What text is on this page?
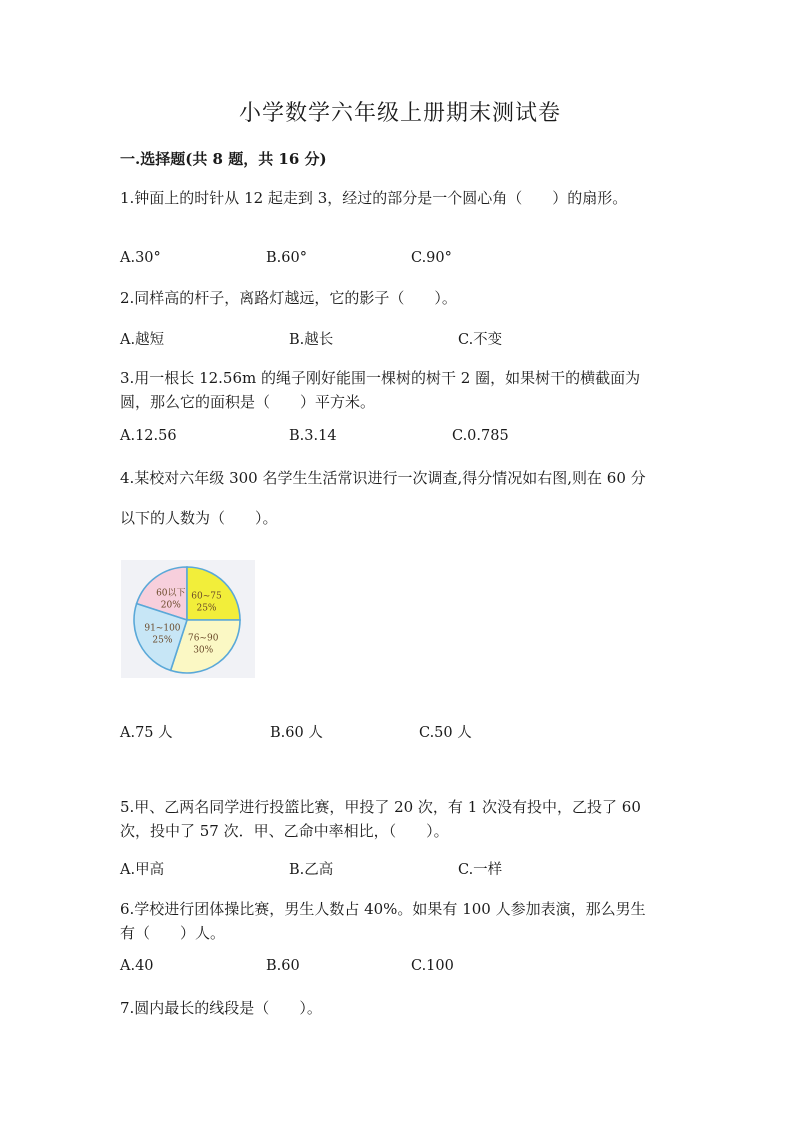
小学数学六年级上册期末测试卷
一.选择题(共 8 题，共 16 分)
1.钟面上的时针从 12 起走到 3，经过的部分是一个圆心角（　　）的扇形。
A.30°	B.60°	C.90°
2.同样高的杆子，离路灯越远，它的影子（　　）。
A.越短	B.越长	C.不变
3.用一根长 12.56m 的绳子刚好能围一棵树的树干 2 圈，如果树干的横截面为
圆，那么它的面积是（　　）平方米。
A.12.56	B.3.14	C.0.785
4.某校对六年级 300 名学生生活常识进行一次调查,得分情况如右图,则在 60 分
以下的人数为（　　）。
60以下
20%
60~75
25%
76~90
30%
91~100
25%
A.75 人	B.60 人	C.50 人
5.甲、乙两名同学进行投篮比赛，甲投了 20 次，有 1 次没有投中，乙投了 60
次，投中了 57 次．甲、乙命中率相比，（　　）。
A.甲高	B.乙高	C.一样
6.学校进行团体操比赛，男生人数占 40%。如果有 100 人参加表演，那么男生
有（　　）人。
A.40	B.60	C.100
7.圆内最长的线段是（　　）。
